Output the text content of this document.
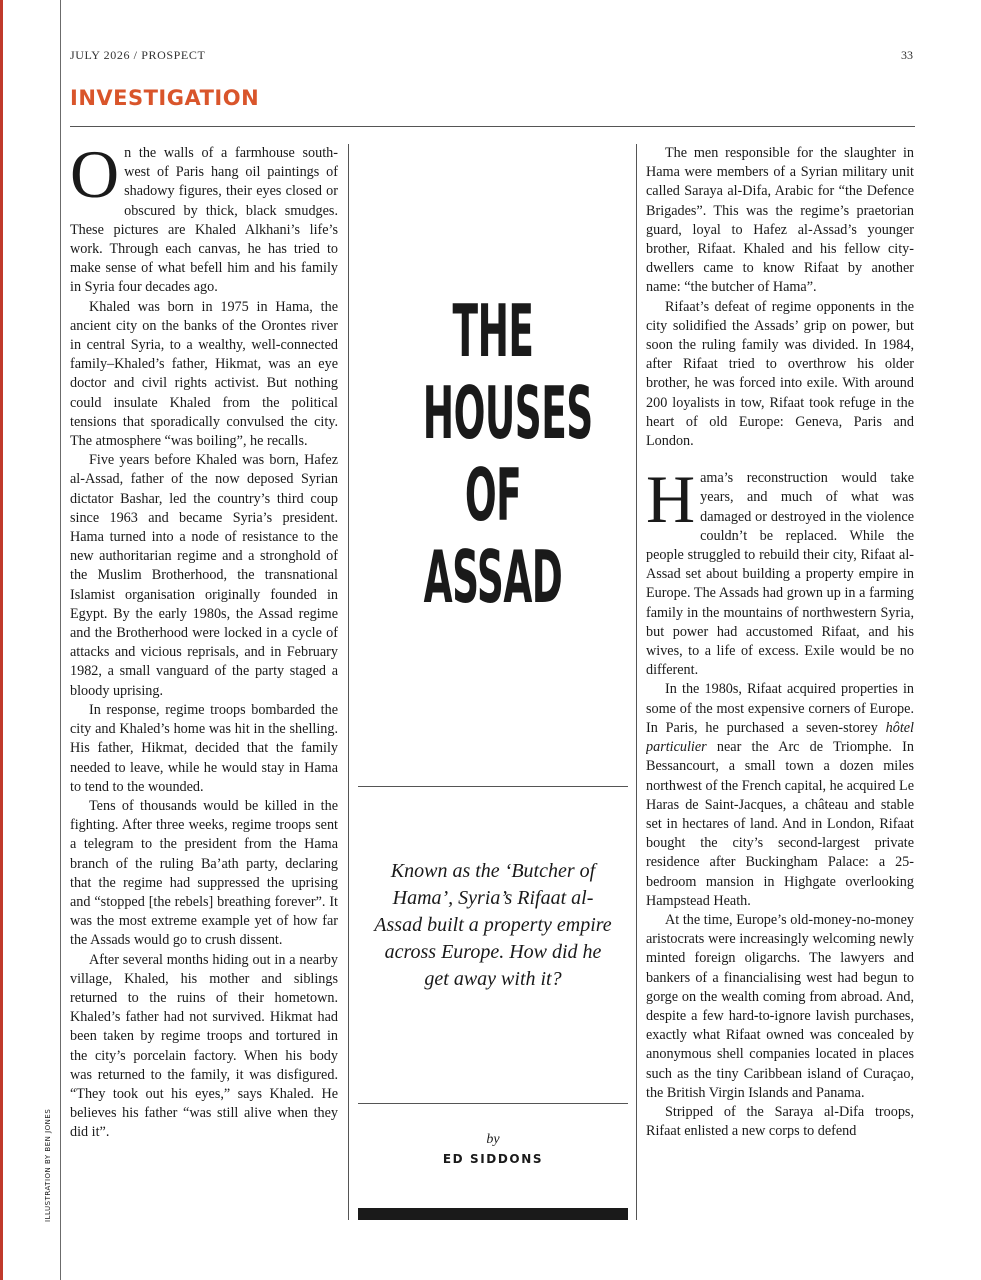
JULY 2026 / PROSPECT	33
INVESTIGATION

On the walls of a farmhouse south-west of Paris hang oil paintings of shadowy figures, their eyes closed or obscured by thick, black smudges. These pictures are Khaled Alkhani’s life’s work. Through each canvas, he has tried to make sense of what befell him and his family in Syria four decades ago.

Khaled was born in 1975 in Hama, the ancient city on the banks of the Orontes river in central Syria, to a wealthy, well-connected family–Khaled’s father, Hikmat, was an eye doctor and civil rights activist. But nothing could insulate Khaled from the political tensions that sporadically convulsed the city. The atmosphere “was boiling”, he recalls.

Five years before Khaled was born, Hafez al-Assad, father of the now deposed Syrian dictator Bashar, led the country’s third coup since 1963 and became Syria’s president. Hama turned into a node of resistance to the new authoritarian regime and a stronghold of the Muslim Brotherhood, the transnational Islamist organisation originally founded in Egypt. By the early 1980s, the Assad regime and the Brotherhood were locked in a cycle of attacks and vicious reprisals, and in February 1982, a small vanguard of the party staged a bloody uprising.

In response, regime troops bombarded the city and Khaled’s home was hit in the shelling. His father, Hikmat, decided that the family needed to leave, while he would stay in Hama to tend to the wounded.

Tens of thousands would be killed in the fighting. After three weeks, regime troops sent a telegram to the president from the Hama branch of the ruling Ba’ath party, declaring that the regime had suppressed the uprising and “stopped [the rebels] breathing forever”. It was the most extreme example yet of how far the Assads would go to crush dissent.

After several months hiding out in a nearby village, Khaled, his mother and siblings returned to the ruins of their hometown. Khaled’s father had not survived. Hikmat had been taken by regime troops and tortured in the city’s porcelain factory. When his body was returned to the family, it was disfigured. “They took out his eyes,” says Khaled. He believes his father “was still alive when they did it”.

THE
HOUSES OF
ASSAD
Known as the ‘Butcher of Hama’, Syria’s Rifaat al-Assad built a property empire across Europe. How did he get away with it?
by
ED SIDDONS

The men responsible for the slaughter in Hama were members of a Syrian military unit called Saraya al-Difa, Arabic for “the Defence Brigades”. This was the regime’s praetorian guard, loyal to Hafez al-Assad’s younger brother, Rifaat. Khaled and his fellow city-dwellers came to know Rifaat by another name: “the butcher of Hama”.

Rifaat’s defeat of regime opponents in the city solidified the Assads’ grip on power, but soon the ruling family was divided. In 1984, after Rifaat tried to overthrow his older brother, he was forced into exile. With around 200 loyalists in tow, Rifaat took refuge in the heart of old Europe: Geneva, Paris and London.

Hama’s reconstruction would take years, and much of what was damaged or destroyed in the violence couldn’t be replaced. While the people struggled to rebuild their city, Rifaat al-Assad set about building a property empire in Europe. The Assads had grown up in a farming family in the mountains of northwestern Syria, but power had accustomed Rifaat, and his wives, to a life of excess. Exile would be no different.

In the 1980s, Rifaat acquired properties in some of the most expensive corners of Europe. In Paris, he purchased a seven-storey hôtel particulier near the Arc de Triomphe. In Bessancourt, a small town a dozen miles northwest of the French capital, he acquired Le Haras de Saint-Jacques, a château and stable set in hectares of land. And in London, Rifaat bought the city’s second-largest private residence after Buckingham Palace: a 25-bedroom mansion in Highgate overlooking Hampstead Heath.

At the time, Europe’s old-money-no-money aristocrats were increasingly welcoming newly minted foreign oligarchs. The lawyers and bankers of a financialising west had begun to gorge on the wealth coming from abroad. And, despite a few hard-to-ignore lavish purchases, exactly what Rifaat owned was concealed by anonymous shell companies located in places such as the tiny Caribbean island of Curaçao, the British Virgin Islands and Panama.

Stripped of the Saraya al-Difa troops, Rifaat enlisted a new corps to defend

ILLUSTRATION BY BEN JONES
